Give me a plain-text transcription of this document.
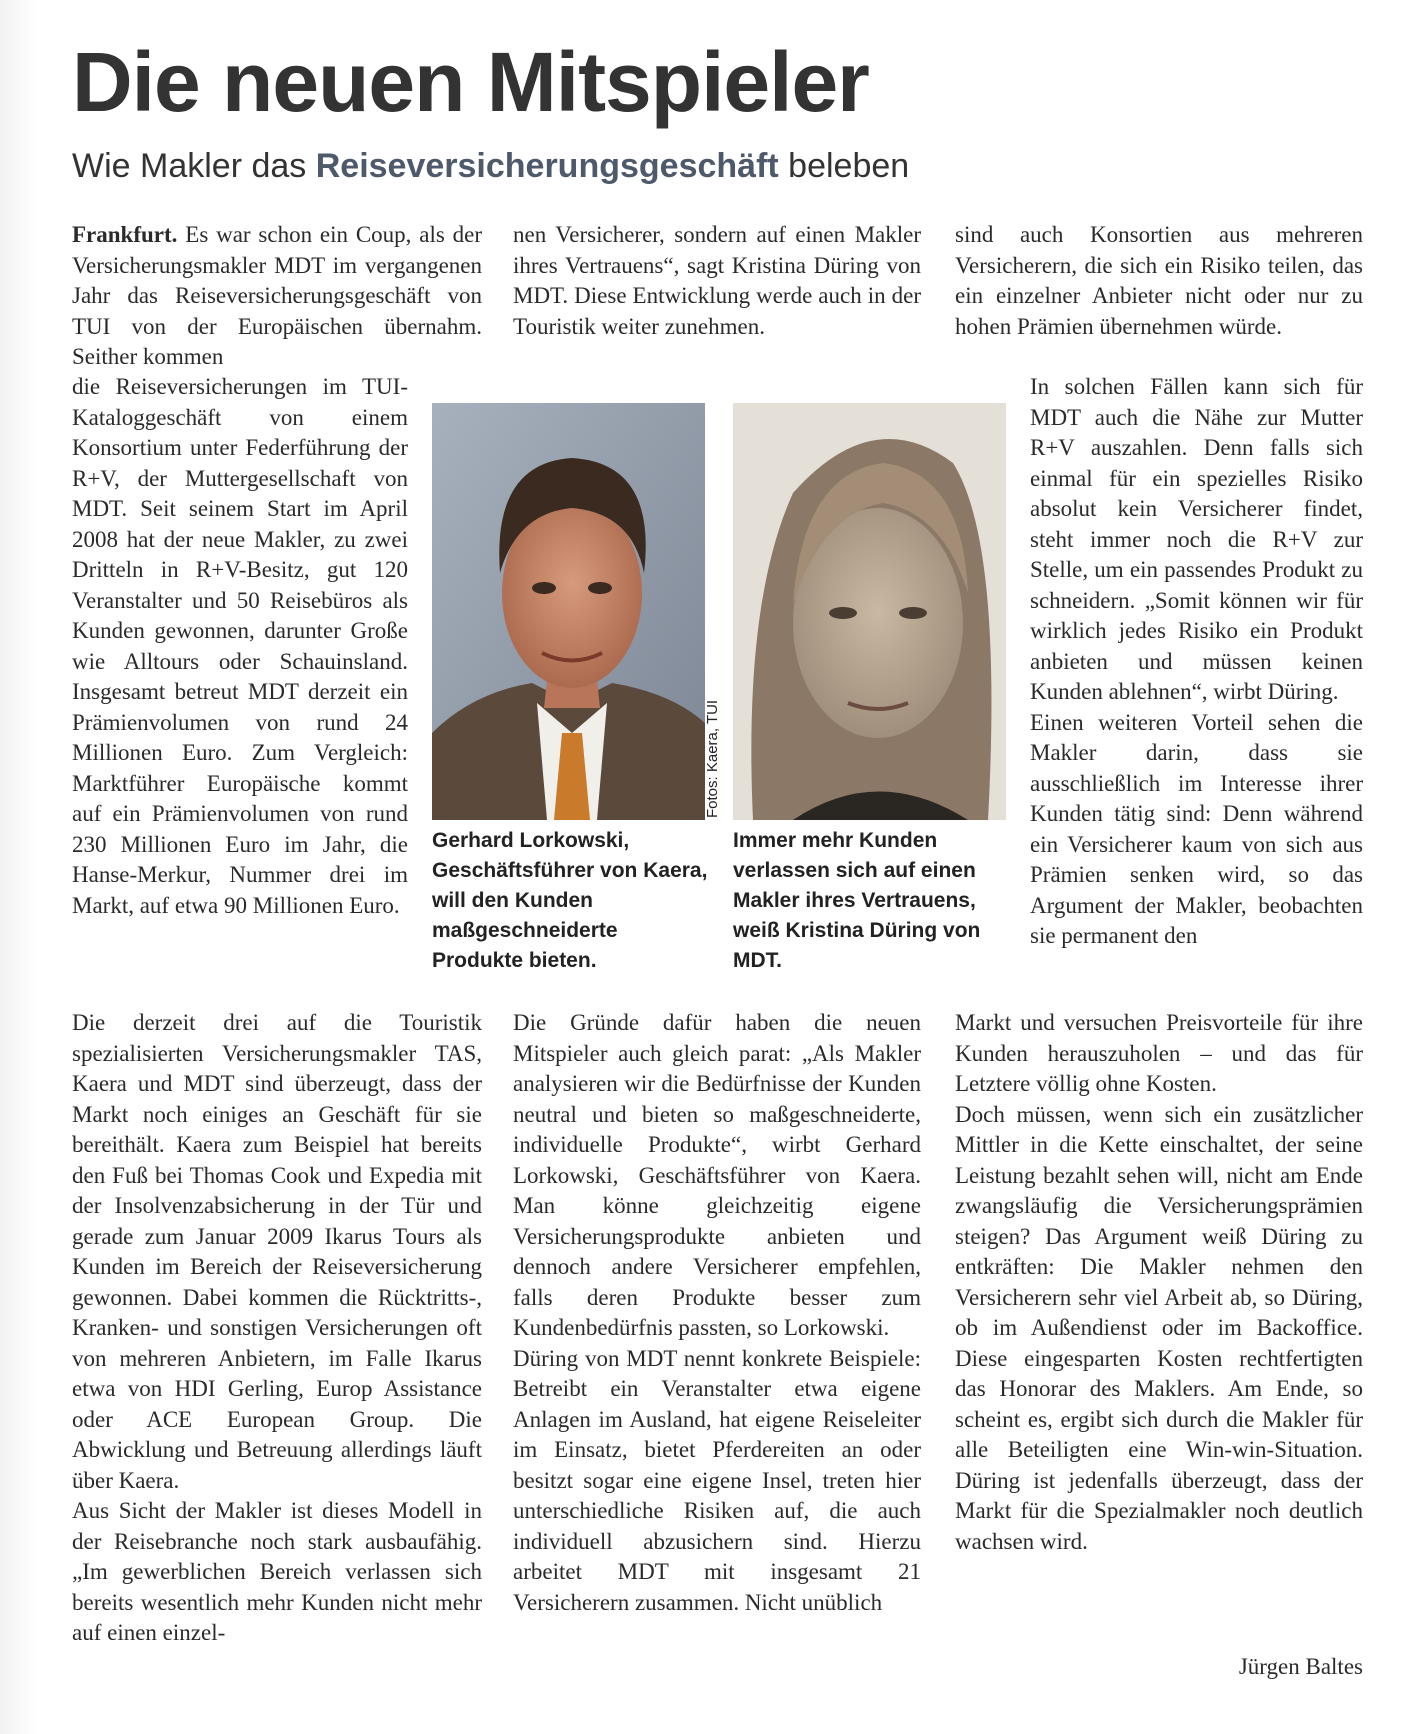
Die neuen Mitspieler
Wie Makler das Reiseversicherungsgeschäft beleben

Frankfurt. Es war schon ein Coup, als der Versicherungsmakler MDT im vergangenen Jahr das Reiseversicherungsgeschäft von TUI von der Europäischen übernahm. Seither kommen

die Reiseversicherungen im TUI-Kataloggeschäft von einem Konsortium unter Federführung der R+V, der Muttergesellschaft von MDT. Seit seinem Start im April 2008 hat der neue Makler, zu zwei Dritteln in R+V-Besitz, gut 120 Veranstalter und 50 Reisebüros als Kunden gewonnen, darunter Große wie Alltours oder Schauinsland. Insgesamt betreut MDT derzeit ein Prämienvolumen von rund 24 Millionen Euro. Zum Vergleich: Marktführer Europäische kommt auf ein Prämienvolumen von rund 230 Millionen Euro im Jahr, die Hanse-Merkur, Nummer drei im Markt, auf etwa 90 Millionen Euro.

Die derzeit drei auf die Touristik spezialisierten Versicherungsmakler TAS, Kaera und MDT sind überzeugt, dass der Markt noch einiges an Geschäft für sie bereithält. Kaera zum Beispiel hat bereits den Fuß bei Thomas Cook und Expedia mit der Insolvenzabsicherung in der Tür und gerade zum Januar 2009 Ikarus Tours als Kunden im Bereich der Reiseversicherung gewonnen. Dabei kommen die Rücktritts-, Kranken- und sonstigen Versicherungen oft von mehreren Anbietern, im Falle Ikarus etwa von HDI Gerling, Europ Assistance oder ACE European Group. Die Abwicklung und Betreuung allerdings läuft über Kaera.

Aus Sicht der Makler ist dieses Modell in der Reisebranche noch stark ausbaufähig. „Im gewerblichen Bereich verlassen sich bereits wesentlich mehr Kunden nicht mehr auf einen einzel-

nen Versicherer, sondern auf einen Makler ihres Vertrauens“, sagt Kristina Düring von MDT. Diese Entwicklung werde auch in der Touristik weiter zunehmen.

Die Gründe dafür haben die neuen Mitspieler auch gleich parat: „Als Makler analysieren wir die Bedürfnisse der Kunden neutral und bieten so maßgeschneiderte, individuelle Produkte“, wirbt Gerhard Lorkowski, Geschäftsführer von Kaera. Man könne gleichzeitig eigene Versicherungsprodukte anbieten und dennoch andere Versicherer empfehlen, falls deren Produkte besser zum Kundenbedürfnis passten, so Lorkowski.

Düring von MDT nennt konkrete Beispiele: Betreibt ein Veranstalter etwa eigene Anlagen im Ausland, hat eigene Reiseleiter im Einsatz, bietet Pferdereiten an oder besitzt sogar eine eigene Insel, treten hier unterschiedliche Risiken auf, die auch individuell abzusichern sind. Hierzu arbeitet MDT mit insgesamt 21 Versicherern zusammen. Nicht unüblich

sind auch Konsortien aus mehreren Versicherern, die sich ein Risiko teilen, das ein einzelner Anbieter nicht oder nur zu hohen Prämien übernehmen würde.

In solchen Fällen kann sich für MDT auch die Nähe zur Mutter R+V auszahlen. Denn falls sich einmal für ein spezielles Risiko absolut kein Versicherer findet, steht immer noch die R+V zur Stelle, um ein passendes Produkt zu schneidern. „Somit können wir für wirklich jedes Risiko ein Produkt anbieten und müssen keinen Kunden ablehnen“, wirbt Düring.

Einen weiteren Vorteil sehen die Makler darin, dass sie ausschließlich im Interesse ihrer Kunden tätig sind: Denn während ein Versicherer kaum von sich aus Prämien senken wird, so das Argument der Makler, beobachten sie permanent den

Markt und versuchen Preisvorteile für ihre Kunden herauszuholen – und das für Letztere völlig ohne Kosten.

Doch müssen, wenn sich ein zusätzlicher Mittler in die Kette einschaltet, der seine Leistung bezahlt sehen will, nicht am Ende zwangsläufig die Versicherungsprämien steigen? Das Argument weiß Düring zu entkräften: Die Makler nehmen den Versicherern sehr viel Arbeit ab, so Düring, ob im Außendienst oder im Backoffice. Diese eingesparten Kosten rechtfertigten das Honorar des Maklers. Am Ende, so scheint es, ergibt sich durch die Makler für alle Beteiligten eine Win-win-Situation. Düring ist jedenfalls überzeugt, dass der Markt für die Spezialmakler noch deutlich wachsen wird.

Fotos: Kaera, TUI
Gerhard Lorkowski, Geschäftsführer von Kaera, will den Kunden maßgeschneiderte Produkte bieten.
Immer mehr Kunden verlassen sich auf einen Makler ihres Vertrauens, weiß Kristina Düring von MDT.
Jürgen Baltes
